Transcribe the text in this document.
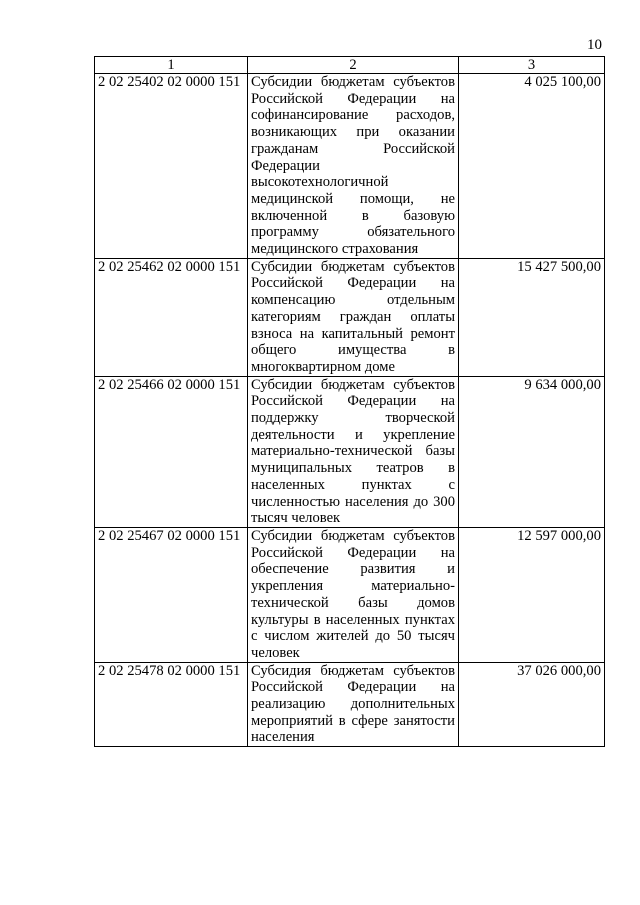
10
1	2	3
2 02 25402 02 0000 151	Субсидии бюджетам субъектов Российской Федерации на софинансирование расходов, возникающих при оказании гражданам Российской Федерации высокотехнологичной медицинской помощи, не включенной в базовую программу обязательного медицинского страхования	4 025 100,00
2 02 25462 02 0000 151	Субсидии бюджетам субъектов Российской Федерации на компенсацию отдельным категориям граждан оплаты взноса на капитальный ремонт общего имущества в многоквартирном доме	15 427 500,00
2 02 25466 02 0000 151	Субсидии бюджетам субъектов Российской Федерации на поддержку творческой деятельности и укрепление материально-технической базы муниципальных театров в населенных пунктах с численностью населения до 300 тысяч человек	9 634 000,00
2 02 25467 02 0000 151	Субсидии бюджетам субъектов Российской Федерации на обеспечение развития и укрепления материально-технической базы домов культуры в населенных пунктах с числом жителей до 50 тысяч человек	12 597 000,00
2 02 25478 02 0000 151	Субсидия бюджетам субъектов Российской Федерации на реализацию дополнительных мероприятий в сфере занятости населения	37 026 000,00
